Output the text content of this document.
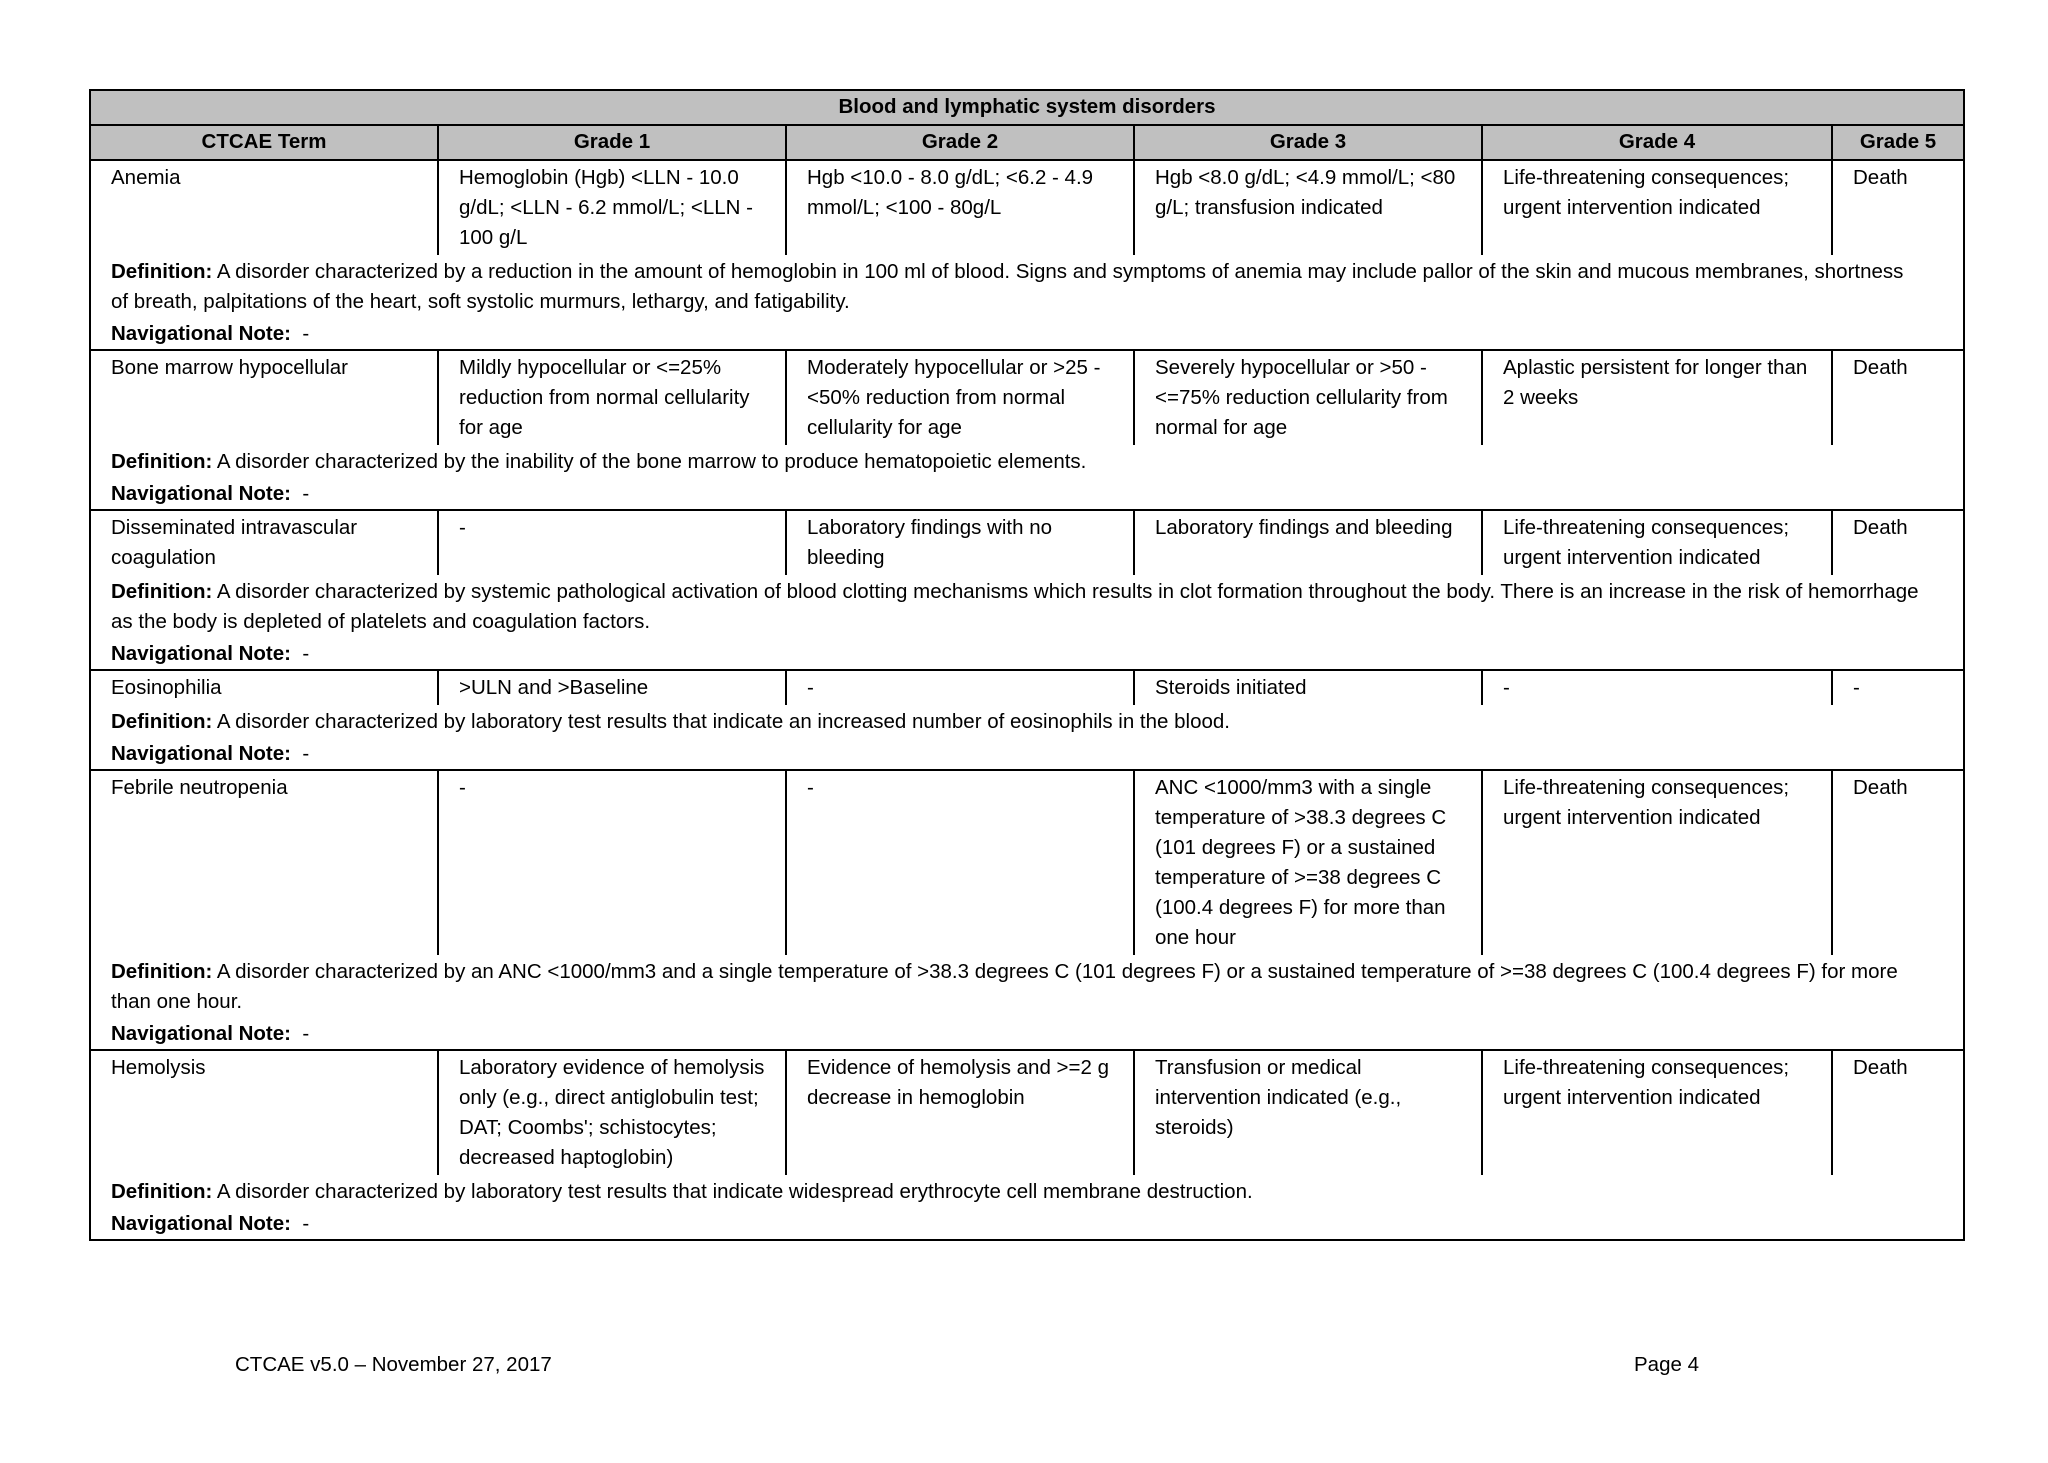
Blood and lymphatic system disorders					
CTCAE Term	Grade 1	Grade 2	Grade 3	Grade 4	Grade 5
Anemia	Hemoglobin (Hgb) <LLN - 10.0 g/dL; <LLN - 6.2 mmol/L; <LLN - 100 g/L	Hgb <10.0 - 8.0 g/dL; <6.2 - 4.9 mmol/L; <100 - 80g/L	Hgb <8.0 g/dL; <4.9 mmol/L; <80 g/L; transfusion indicated	Life-threatening consequences; urgent intervention indicated	Death
Definition: A disorder characterized by a reduction in the amount of hemoglobin in 100 ml of blood. Signs and symptoms of anemia may include pallor of the skin and mucous membranes, shortness of breath, palpitations of the heart, soft systolic murmurs, lethargy, and fatigability.					
Navigational Note: -					
Bone marrow hypocellular	Mildly hypocellular or <=25% reduction from normal cellularity for age	Moderately hypocellular or >25 - <50% reduction from normal cellularity for age	Severely hypocellular or >50 - <=75% reduction cellularity from normal for age	Aplastic persistent for longer than 2 weeks	Death
Definition: A disorder characterized by the inability of the bone marrow to produce hematopoietic elements.					
Navigational Note: -					
Disseminated intravascular coagulation	-	Laboratory findings with no bleeding	Laboratory findings and bleeding	Life-threatening consequences; urgent intervention indicated	Death
Definition: A disorder characterized by systemic pathological activation of blood clotting mechanisms which results in clot formation throughout the body. There is an increase in the risk of hemorrhage as the body is depleted of platelets and coagulation factors.					
Navigational Note: -					
Eosinophilia	>ULN and >Baseline	-	Steroids initiated	-	-
Definition: A disorder characterized by laboratory test results that indicate an increased number of eosinophils in the blood.					
Navigational Note: -					
Febrile neutropenia	-	-	ANC <1000/mm3 with a single temperature of >38.3 degrees C (101 degrees F) or a sustained temperature of >=38 degrees C (100.4 degrees F) for more than one hour	Life-threatening consequences; urgent intervention indicated	Death
Definition: A disorder characterized by an ANC <1000/mm3 and a single temperature of >38.3 degrees C (101 degrees F) or a sustained temperature of >=38 degrees C (100.4 degrees F) for more than one hour.					
Navigational Note: -					
Hemolysis	Laboratory evidence of hemolysis only (e.g., direct antiglobulin test; DAT; Coombs'; schistocytes; decreased haptoglobin)	Evidence of hemolysis and >=2 g decrease in hemoglobin	Transfusion or medical intervention indicated (e.g., steroids)	Life-threatening consequences; urgent intervention indicated	Death
Definition: A disorder characterized by laboratory test results that indicate widespread erythrocyte cell membrane destruction.					
Navigational Note: -					
CTCAE v5.0 – November 27, 2017	Page 4
